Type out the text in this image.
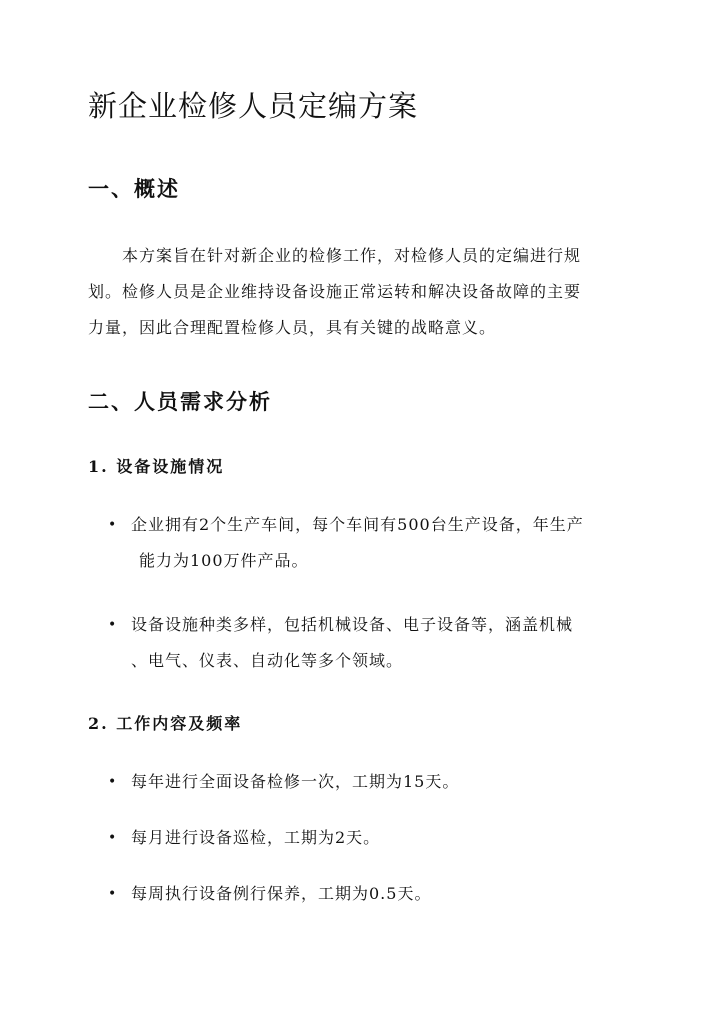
新企业检修人员定编方案
一、概述
本方案旨在针对新企业的检修工作，对检修人员的定编进行规
划。检修人员是企业维持设备设施正常运转和解决设备故障的主要
力量，因此合理配置检修人员，具有关键的战略意义。
二、人员需求分析
1. 设备设施情况
• 企业拥有2个生产车间，每个车间有500台生产设备，年生产
能力为100万件产品。
• 设备设施种类多样，包括机械设备、电子设备等，涵盖机械
、电气、仪表、自动化等多个领域。
2. 工作内容及频率
• 每年进行全面设备检修一次，工期为15天。
• 每月进行设备巡检，工期为2天。
• 每周执行设备例行保养，工期为0.5天。
